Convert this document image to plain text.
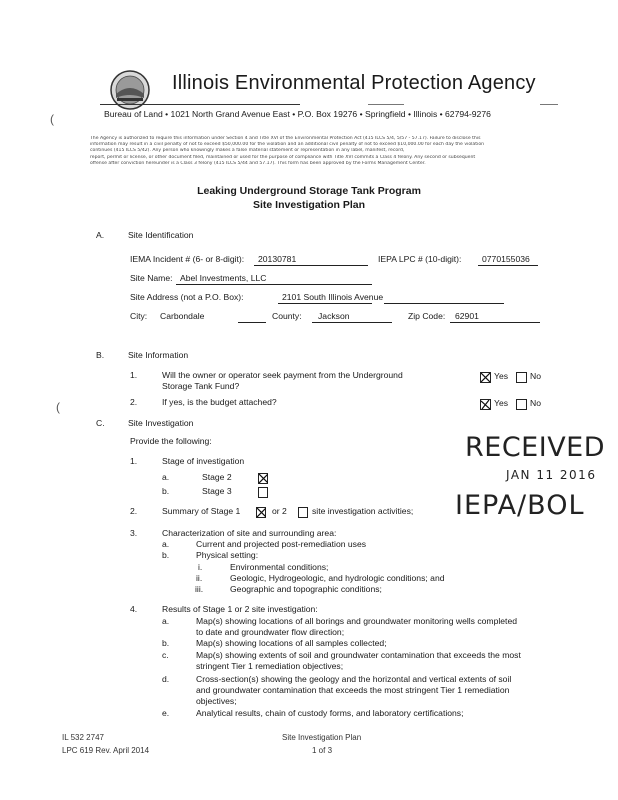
Illinois Environmental Protection Agency
Bureau of Land • 1021 North Grand Avenue East • P.O. Box 19276 • Springfield • Illinois • 62794-9276
The Agency is authorized to require this information under Section 4 and Title XVI of the Environmental Protection Act (415 ILCS 5/4, 5/57 - 57.17). Failure to disclose this
information may result in a civil penalty of not to exceed $50,000.00 for the violation and an additional civil penalty of not to exceed $10,000.00 for each day the violation
continues (415 ILCS 5/42). Any person who knowingly makes a false material statement or representation in any label, manifest, record,
report, permit or license, or other document filed, maintained or used for the purpose of compliance with Title XVI commits a Class 4 felony. Any second or subsequent
offense after conviction hereunder is a Class 3 felony (415 ILCS 5/44 and 57.17). This form has been approved by the Forms Management Center.
Leaking Underground Storage Tank Program
Site Investigation Plan
(
(
A.	Site Identification
IEMA Incident # (6- or 8-digit): 20130781	IEPA LPC # (10-digit): 0770155036
Site Name: Abel Investments, LLC
Site Address (not a P.O. Box):	2101 South Illinois Avenue
City: Carbondale	County: Jackson	Zip Code: 62901
B.	Site Information
1.	Will the owner or operator seek payment from the Underground
Storage Tank Fund?
Yes	No
2.	If yes, is the budget attached?	Yes	No
C.	Site Investigation
Provide the following:
1.	Stage of investigation
a.	Stage 2
b.	Stage 3
2.	Summary of Stage 1	or 2	site investigation activities;
3.	Characterization of site and surrounding area:
a.	Current and projected post-remediation uses
b.	Physical setting:
i.	Environmental conditions;
ii.	Geologic, Hydrogeologic, and hydrologic conditions; and
iii.	Geographic and topographic conditions;
4.	Results of Stage 1 or 2 site investigation:
a.	Map(s) showing locations of all borings and groundwater monitoring wells completed
to date and groundwater flow direction;
b.	Map(s) showing locations of all samples collected;
c.	Map(s) showing extents of soil and groundwater contamination that exceeds the most
stringent Tier 1 remediation objectives;
d.	Cross-section(s) showing the geology and the horizontal and vertical extents of soil
and groundwater contamination that exceeds the most stringent Tier 1 remediation
objectives;
e.	Analytical results, chain of custody forms, and laboratory certifications;
RECEIVED
JAN 11 2016
IEPA/BOL
IL 532 2747
LPC 619 Rev. April 2014
Site Investigation Plan
1 of 3
